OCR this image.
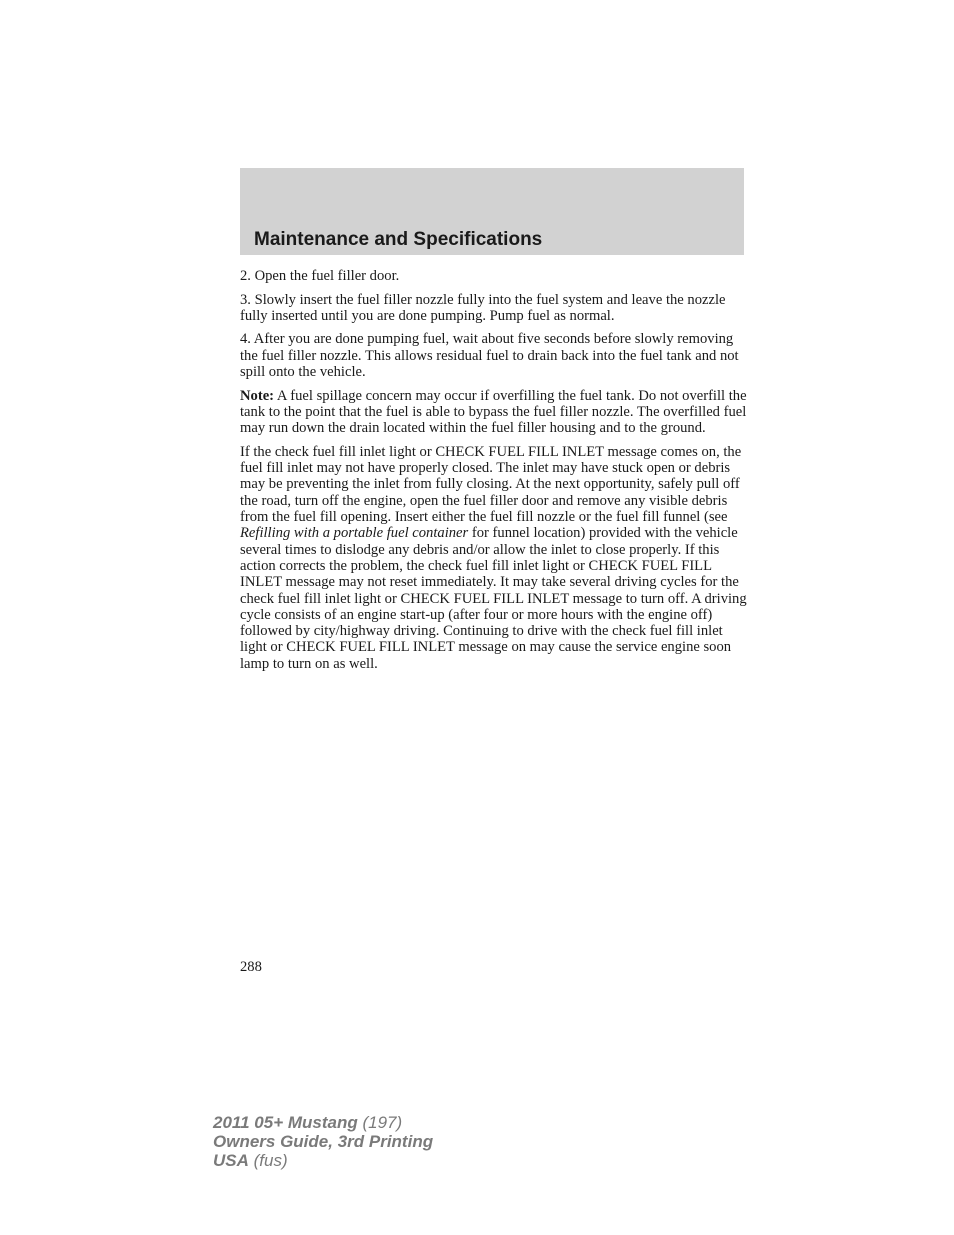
Maintenance and Specifications

2. Open the fuel filler door.

3. Slowly insert the fuel filler nozzle fully into the fuel system and leave the nozzle fully inserted until you are done pumping. Pump fuel as normal.

4. After you are done pumping fuel, wait about five seconds before slowly removing the fuel filler nozzle. This allows residual fuel to drain back into the fuel tank and not spill onto the vehicle.

Note: A fuel spillage concern may occur if overfilling the fuel tank. Do not overfill the tank to the point that the fuel is able to bypass the fuel filler nozzle. The overfilled fuel may run down the drain located within the fuel filler housing and to the ground.

If the check fuel fill inlet light or CHECK FUEL FILL INLET message comes on, the fuel fill inlet may not have properly closed. The inlet may have stuck open or debris may be preventing the inlet from fully closing. At the next opportunity, safely pull off the road, turn off the engine, open the fuel filler door and remove any visible debris from the fuel fill opening. Insert either the fuel fill nozzle or the fuel fill funnel (see Refilling with a portable fuel container for funnel location) provided with the vehicle several times to dislodge any debris and/or allow the inlet to close properly. If this action corrects the problem, the check fuel fill inlet light or CHECK FUEL FILL INLET message may not reset immediately. It may take several driving cycles for the check fuel fill inlet light or CHECK FUEL FILL INLET message to turn off. A driving cycle consists of an engine start-up (after four or more hours with the engine off) followed by city/highway driving. Continuing to drive with the check fuel fill inlet light or CHECK FUEL FILL INLET message on may cause the service engine soon lamp to turn on as well.

288
2011 05+ Mustang (197)
Owners Guide, 3rd Printing
USA (fus)
